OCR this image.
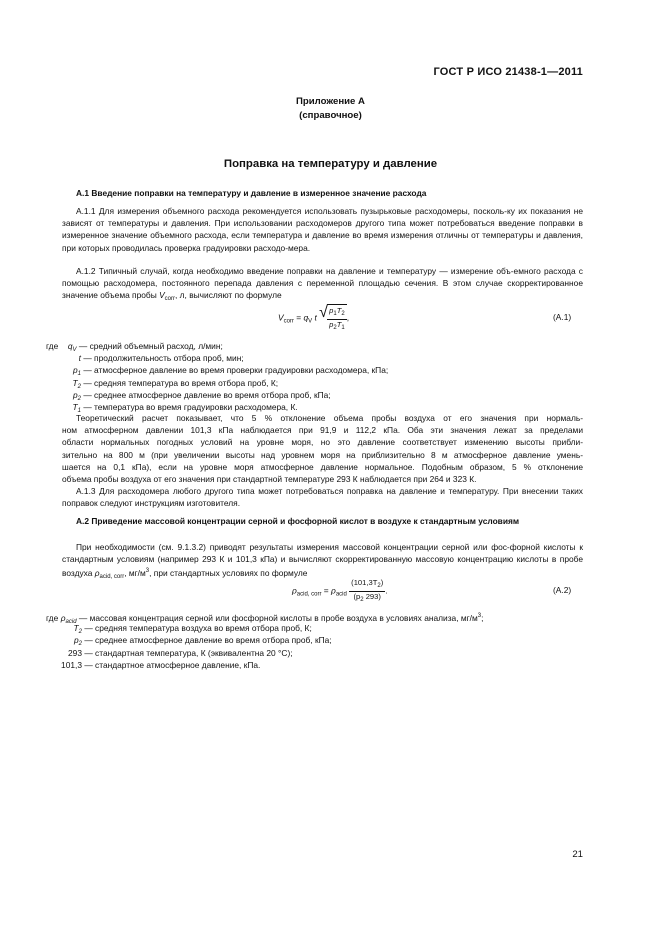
ГОСТ Р ИСО 21438-1—2011
Приложение А
(справочное)
Поправка на температуру и давление
А.1 Введение поправки на температуру и давление в измеренное значение расхода
А.1.1 Для измерения объемного расхода рекомендуется использовать пузырьковые расходомеры, посколь-ку их показания не зависят от температуры и давления. При использовании расходомеров другого типа может потребоваться введение поправки в измеренное значение объемного расхода, если температура и давление во время измерения отличны от температуры и давления, при которых проводилась проверка градуировки расходо-мера.
А.1.2 Типичный случай, когда необходимо введение поправки на давление и температуру — измерение объ-емного расхода с помощью расходомера, постоянного перепада давления с переменной площадью сечения. В этом случае скорректированное значение объема пробы $V_{corr}$, л, вычисляют по формуле
$V_{corr} = q_V$ t √ $\frac{p_1T_2}{p_2T_1}$ ,	(А.1)
где $q_V$ — средний объемный расход, л/мин;
t — продолжительность отбора проб, мин;
$p_1$ — атмосферное давление во время проверки градуировки расходомера, кПа;
$T_2$ — средняя температура во время отбора проб, К;
$p_2$ — среднее атмосферное давление во время отбора проб, кПа;
$T_1$ — температура во время градуировки расходомера, К.
Теоретический расчет показывает, что 5 % отклонение объема пробы воздуха от его значения при нормаль-
ном атмосферном давлении 101,3 кПа наблюдается при 91,9 и 112,2 кПа. Оба эти значения лежат за пределами
области нормальных погодных условий на уровне моря, но это давление соответствует изменению высоты прибли-
зительно на 800 м (при увеличении высоты над уровнем моря на приблизительно 8 м атмосферное давление умень-
шается на 0,1 кПа), если на уровне моря атмосферное давление нормальное. Подобным образом, 5 % отклонение
объема пробы воздуха от его значения при стандартной температуре 293 К наблюдается при 264 и 323 К.
А.1.3 Для расходомера любого другого типа может потребоваться поправка на давление и температуру. При внесении таких поправок следуют инструкциям изготовителя.
А.2 Приведение массовой концентрации серной и фосфорной кислот в воздухе к стандартным условиям
При необходимости (см. 9.1.3.2) приводят результаты измерения массовой концентрации серной или фос-форной кислоты к стандартным условиям (например 293 К и 101,3 кПа) и вычисляют скорректированную массовую концентрацию кислоты в пробе воздуха $\rho_{acid, corr}$, $мг/м^3$, при стандартных условиях по формуле
$\rho_{acid, corr} = \rho_{acid} \frac{(101,3T_2)}{(p_2 293)}$ .	(А.2)
где $\rho_{acid}$ — массовая концентрация серной или фосфорной кислоты в пробе воздуха в условиях анализа, $мг/м^3$;
$T_2$ — средняя температура воздуха во время отбора проб, К;
$p_2$ — среднее атмосферное давление во время отбора проб, кПа;
293 — стандартная температура, К (эквивалентна 20 °С);
101,3 — стандартное атмосферное давление, кПа.
21
